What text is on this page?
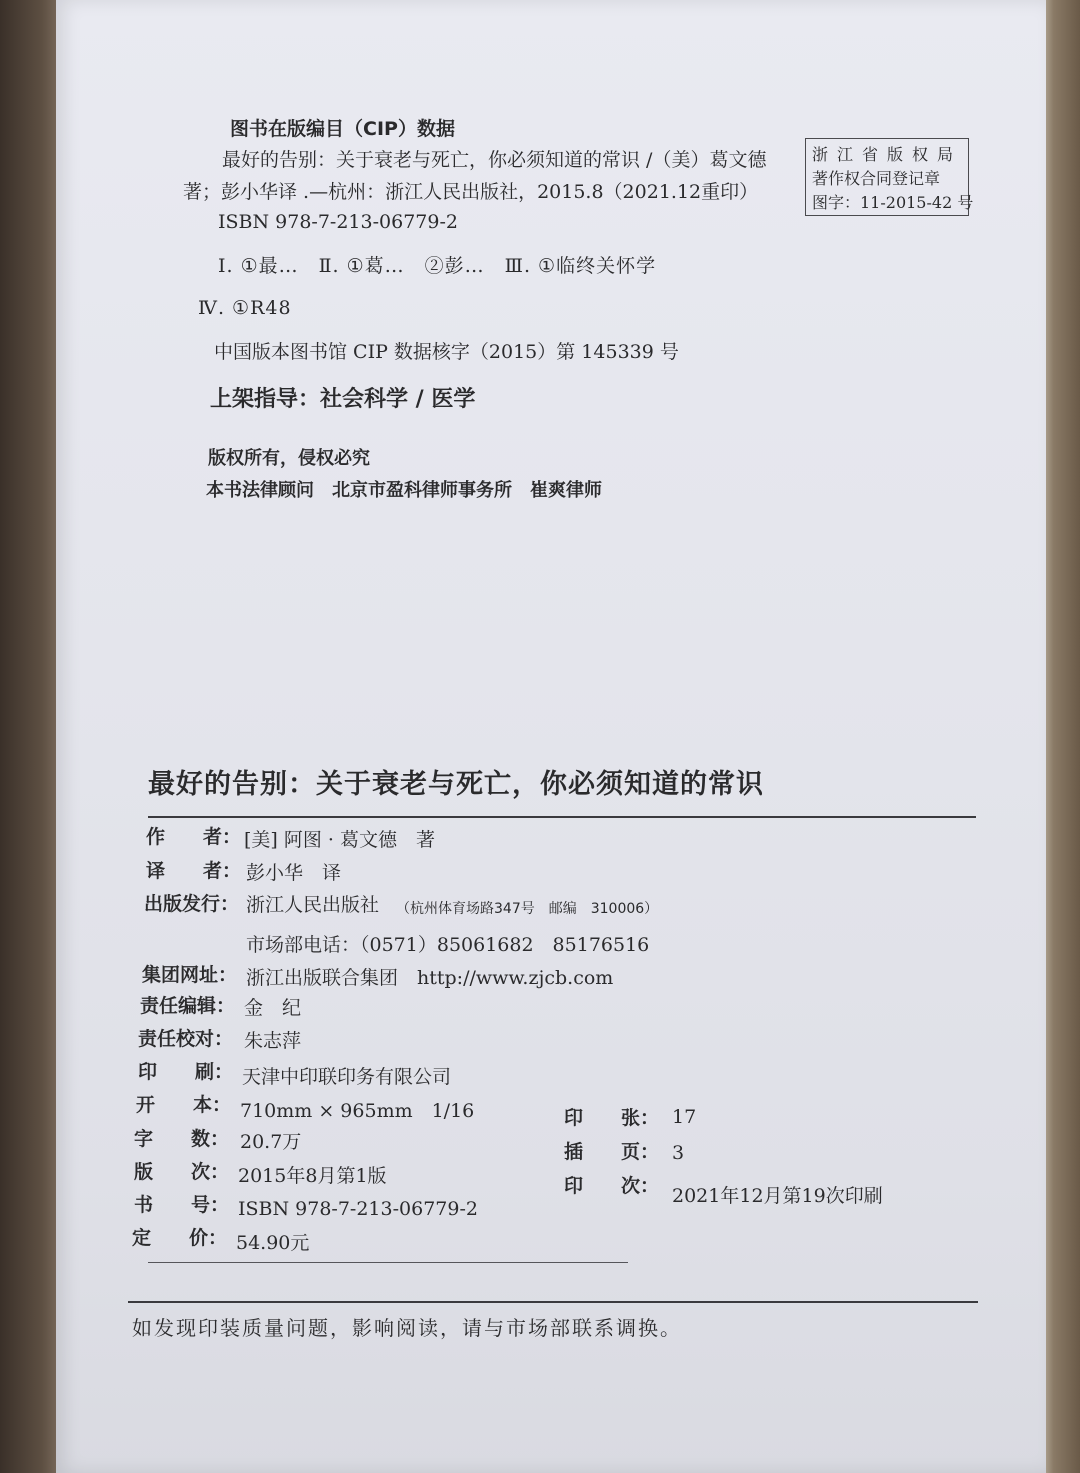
图书在版编目（CIP）数据
最好的告别：关于衰老与死亡，你必须知道的常识 /（美）葛文德
著；彭小华译 .—杭州：浙江人民出版社，2015.8（2021.12重印）
ISBN 978-7-213-06779-2
Ⅰ. ①最…　Ⅱ. ①葛…　②彭…　Ⅲ. ①临终关怀学
Ⅳ. ①R48
中国版本图书馆 CIP 数据核字（2015）第 145339 号
浙江省版权局
著作权合同登记章
图字：11-2015-42 号
上架指导：社会科学 / 医学
版权所有，侵权必究
本书法律顾问　北京市盈科律师事务所　崔爽律师
最好的告别：关于衰老与死亡，你必须知道的常识
作　　者： [美] 阿图 · 葛文德　著
译　　者： 彭小华　译
出版发行： 浙江人民出版社 （杭州体育场路347号　邮编　310006）
市场部电话：（0571）85061682　85176516
集团网址： 浙江出版联合集团　http://www.zjcb.com
责任编辑： 金　纪
责任校对： 朱志萍
印　　刷： 天津中印联印务有限公司
开　　本： 710mm × 965mm　1/16
字　　数： 20.7万
版　　次： 2015年8月第1版
书　　号： ISBN 978-7-213-06779-2
定　　价： 54.90元
印　　张： 17
插　　页： 3
印　　次： 2021年12月第19次印刷
如发现印装质量问题，影响阅读，请与市场部联系调换。
